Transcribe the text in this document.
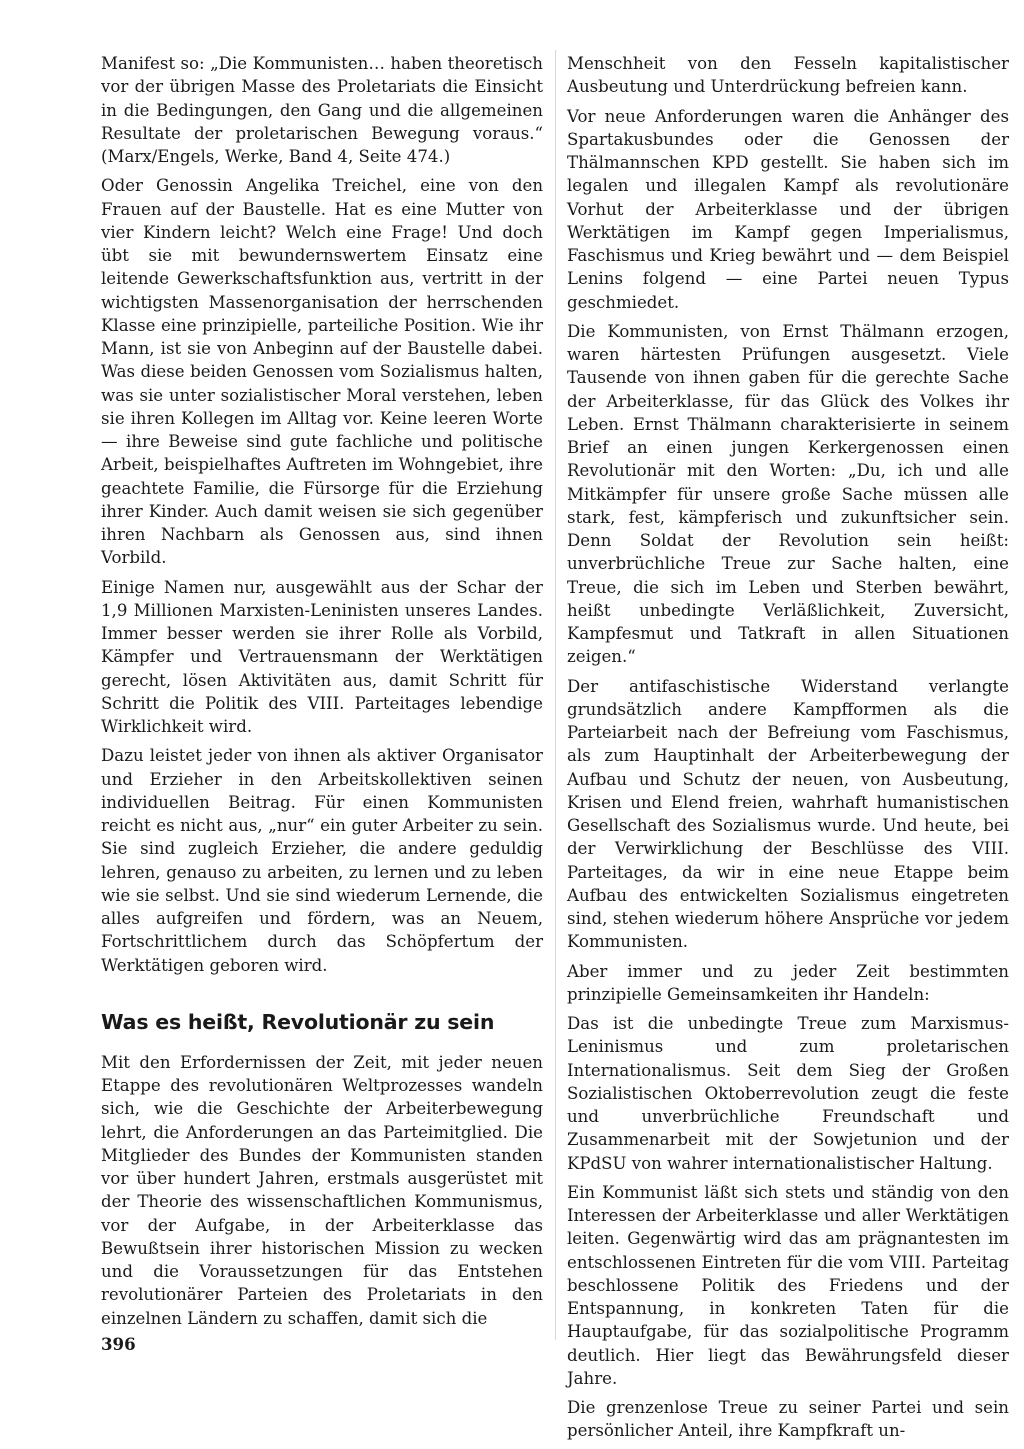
Manifest so: „Die Kommunisten… haben theoretisch vor der übrigen Masse des Proletariats die Einsicht in die Bedingungen, den Gang und die allgemeinen Resultate der proletarischen Bewegung voraus.“ (Marx/Engels, Werke, Band 4, Seite 474.)

Oder Genossin Angelika Treichel, eine von den Frauen auf der Baustelle. Hat es eine Mutter von vier Kindern leicht? Welch eine Frage! Und doch übt sie mit bewundernswertem Einsatz eine leitende Gewerkschaftsfunktion aus, vertritt in der wichtigsten Massenorganisation der herrschenden Klasse eine prinzipielle, parteiliche Position. Wie ihr Mann, ist sie von Anbeginn auf der Baustelle dabei. Was diese beiden Genossen vom Sozialismus halten, was sie unter sozialistischer Moral verstehen, leben sie ihren Kollegen im Alltag vor. Keine leeren Worte — ihre Beweise sind gute fachliche und politische Arbeit, beispielhaftes Auftreten im Wohngebiet, ihre geachtete Familie, die Fürsorge für die Erziehung ihrer Kinder. Auch damit weisen sie sich gegenüber ihren Nachbarn als Genossen aus, sind ihnen Vorbild.

Einige Namen nur, ausgewählt aus der Schar der 1,9 Millionen Marxisten-Leninisten unseres Landes. Immer besser werden sie ihrer Rolle als Vorbild, Kämpfer und Vertrauensmann der Werktätigen gerecht, lösen Aktivitäten aus, damit Schritt für Schritt die Politik des VIII. Parteitages lebendige Wirklichkeit wird.

Dazu leistet jeder von ihnen als aktiver Organisator und Erzieher in den Arbeitskollektiven seinen individuellen Beitrag. Für einen Kommunisten reicht es nicht aus, „nur“ ein guter Arbeiter zu sein. Sie sind zugleich Erzieher, die andere geduldig lehren, genauso zu arbeiten, zu lernen und zu leben wie sie selbst. Und sie sind wiederum Lernende, die alles aufgreifen und fördern, was an Neuem, Fortschrittlichem durch das Schöpfertum der Werktätigen geboren wird.

Was es heißt, Revolutionär zu sein

Mit den Erfordernissen der Zeit, mit jeder neuen Etappe des revolutionären Weltprozesses wandeln sich, wie die Geschichte der Arbeiterbewegung lehrt, die Anforderungen an das Parteimitglied. Die Mitglieder des Bundes der Kommunisten standen vor über hundert Jahren, erstmals ausgerüstet mit der Theorie des wissenschaftlichen Kommunismus, vor der Aufgabe, in der Arbeiterklasse das Bewußtsein ihrer historischen Mission zu wecken und die Voraussetzungen für das Entstehen revolutionärer Parteien des Proletariats in den einzelnen Ländern zu schaffen, damit sich die

Menschheit von den Fesseln kapitalistischer Ausbeutung und Unterdrückung befreien kann.

Vor neue Anforderungen waren die Anhänger des Spartakusbundes oder die Genossen der Thälmannschen KPD gestellt. Sie haben sich im legalen und illegalen Kampf als revolutionäre Vorhut der Arbeiterklasse und der übrigen Werktätigen im Kampf gegen Imperialismus, Faschismus und Krieg bewährt und — dem Beispiel Lenins folgend — eine Partei neuen Typus geschmiedet.

Die Kommunisten, von Ernst Thälmann erzogen, waren härtesten Prüfungen ausgesetzt. Viele Tausende von ihnen gaben für die gerechte Sache der Arbeiterklasse, für das Glück des Volkes ihr Leben. Ernst Thälmann charakterisierte in seinem Brief an einen jungen Kerkergenossen einen Revolutionär mit den Worten: „Du, ich und alle Mitkämpfer für unsere große Sache müssen alle stark, fest, kämpferisch und zukunftsicher sein. Denn Soldat der Revolution sein heißt: unverbrüchliche Treue zur Sache halten, eine Treue, die sich im Leben und Sterben bewährt, heißt unbedingte Verläßlichkeit, Zuversicht, Kampfesmut und Tatkraft in allen Situationen zeigen.“

Der antifaschistische Widerstand verlangte grundsätzlich andere Kampfformen als die Parteiarbeit nach der Befreiung vom Faschismus, als zum Hauptinhalt der Arbeiterbewegung der Aufbau und Schutz der neuen, von Ausbeutung, Krisen und Elend freien, wahrhaft humanistischen Gesellschaft des Sozialismus wurde. Und heute, bei der Verwirklichung der Beschlüsse des VIII. Parteitages, da wir in eine neue Etappe beim Aufbau des entwickelten Sozialismus eingetreten sind, stehen wiederum höhere Ansprüche vor jedem Kommunisten.

Aber immer und zu jeder Zeit bestimmten prinzipielle Gemeinsamkeiten ihr Handeln:

Das ist die unbedingte Treue zum Marxismus-Leninismus und zum proletarischen Internationalismus. Seit dem Sieg der Großen Sozialistischen Oktoberrevolution zeugt die feste und unverbrüchliche Freundschaft und Zusammenarbeit mit der Sowjetunion und der KPdSU von wahrer internationalistischer Haltung.

Ein Kommunist läßt sich stets und ständig von den Interessen der Arbeiterklasse und aller Werktätigen leiten. Gegenwärtig wird das am prägnantesten im entschlossenen Eintreten für die vom VIII. Parteitag beschlossene Politik des Friedens und der Entspannung, in konkreten Taten für die Hauptaufgabe, für das sozialpolitische Programm deutlich. Hier liegt das Bewährungsfeld dieser Jahre.

Die grenzenlose Treue zu seiner Partei und sein persönlicher Anteil, ihre Kampfkraft un-

396
